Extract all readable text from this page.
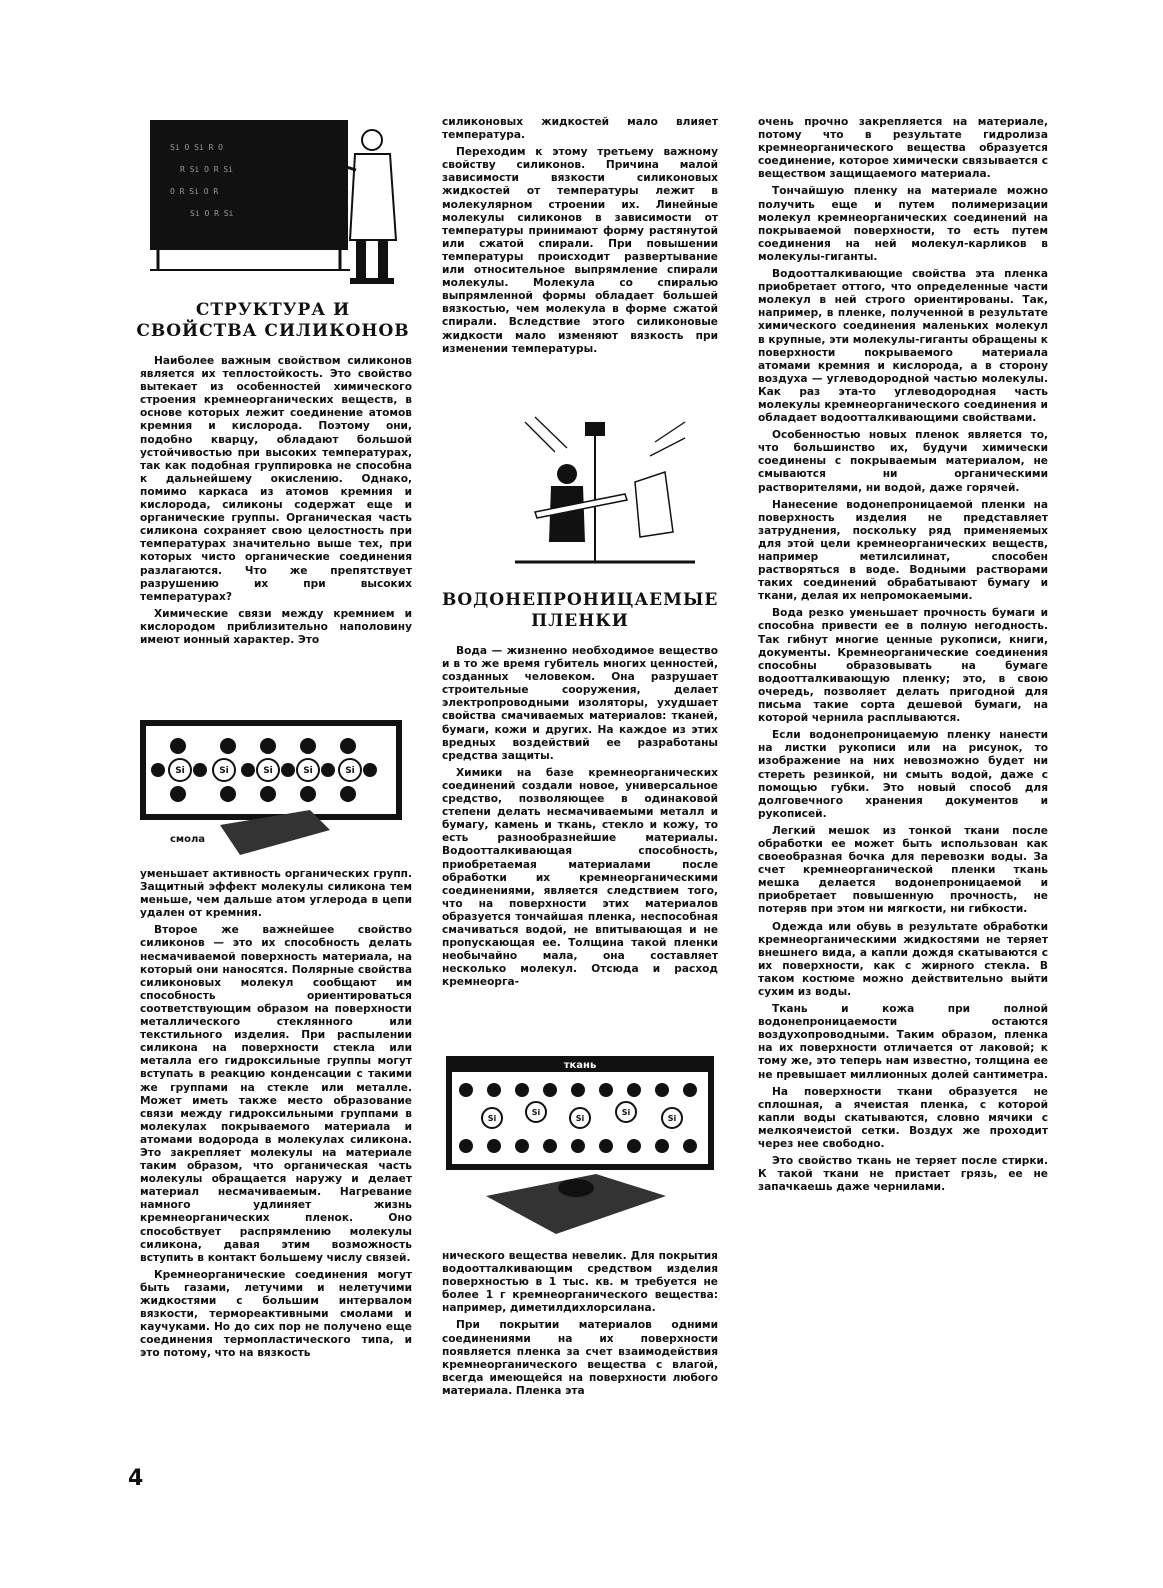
Si O Si R O
R Si O R Si
O R Si O R
Si O R Si
СТРУКТУРА И СВОЙСТВА СИЛИКОНОВ

Наиболее важным свойством силиконов является их теплостойкость. Это свойство вытекает из особенностей химического строения кремнеорганических веществ, в основе которых лежит соединение атомов кремния и кислорода. Поэтому они, подобно кварцу, обладают большой устойчивостью при высоких температурах, так как подобная группировка не способна к дальнейшему окислению. Однако, помимо каркаса из атомов кремния и кислорода, силиконы содержат еще и органические группы. Органическая часть силикона сохраняет свою целостность при температурах значительно выше тех, при которых чисто органические соединения разлагаются. Что же препятствует разрушению их при высоких температурах?

Химические связи между кремнием и кислородом приблизительно наполовину имеют ионный характер. Это

Si	Si	Si	Si	Si
смола

уменьшает активность органических групп. Защитный эффект молекулы силикона тем меньше, чем дальше атом углерода в цепи удален от кремния.

Второе же важнейшее свойство силиконов — это их способность делать несмачиваемой поверхность материала, на который они наносятся. Полярные свойства силиконовых молекул сообщают им способность ориентироваться соответствующим образом на поверхности металлического стеклянного или текстильного изделия. При распылении силикона на поверхности стекла или металла его гидроксильные группы могут вступать в реакцию конденсации с такими же группами на стекле или металле. Может иметь также место образование связи между гидроксильными группами в молекулах покрываемого материала и атомами водорода в молекулах силикона. Это закрепляет молекулы на материале таким образом, что органическая часть молекулы обращается наружу и делает материал несмачиваемым. Нагревание намного удлиняет жизнь кремнеорганических пленок. Оно способствует распрямлению молекулы силикона, давая этим возможность вступить в контакт большему числу связей.

Кремнеорганические соединения могут быть газами, летучими и нелетучими жидкостями с большим интервалом вязкости, термореактивными смолами и каучуками. Но до сих пор не получено еще соединения термопластического типа, и это потому, что на вязкость

силиконовых жидкостей мало влияет температура.

Переходим к этому третьему важному свойству силиконов. Причина малой зависимости вязкости силиконовых жидкостей от температуры лежит в молекулярном строении их. Линейные молекулы силиконов в зависимости от температуры принимают форму растянутой или сжатой спирали. При повышении температуры происходит развертывание или относительное выпрямление спирали молекулы. Молекула со спиралью выпрямленной формы обладает большей вязкостью, чем молекула в форме сжатой спирали. Вследствие этого силиконовые жидкости мало изменяют вязкость при изменении температуры.

ВОДОНЕПРОНИЦАЕМЫЕ ПЛЕНКИ

Вода — жизненно необходимое вещество и в то же время губитель многих ценностей, созданных человеком. Она разрушает строительные сооружения, делает электропроводными изоляторы, ухудшает свойства смачиваемых материалов: тканей, бумаги, кожи и других. На каждое из этих вредных воздействий ее разработаны средства защиты.

Химики на базе кремнеорганических соединений создали новое, универсальное средство, позволяющее в одинаковой степени делать несмачиваемыми металл и бумагу, камень и ткань, стекло и кожу, то есть разнообразнейшие материалы. Водоотталкивающая способность, приобретаемая материалами после обработки их кремнеорганическими соединениями, является следствием того, что на поверхности этих материалов образуется тончайшая пленка, неспособная смачиваться водой, не впитывающая и не пропускающая ее. Толщина такой пленки необычайно мала, она составляет несколько молекул. Отсюда и расход кремнеорга-

ткань
Si
Si
Si
Si
Si

нического вещества невелик. Для покрытия водоотталкивающим средством изделия поверхностью в 1 тыс. кв. м требуется не более 1 г кремнеорганического вещества: например, диметилдихлорсилана.

При покрытии материалов одними соединениями на их поверхности появляется пленка за счет взаимодействия кремнеорганического вещества с влагой, всегда имеющейся на поверхности любого материала. Пленка эта

очень прочно закрепляется на материале, потому что в результате гидролиза кремнеорганического вещества образуется соединение, которое химически связывается с веществом защищаемого материала.

Тончайшую пленку на материале можно получить еще и путем полимеризации молекул кремнеорганических соединений на покрываемой поверхности, то есть путем соединения на ней молекул-карликов в молекулы-гиганты.

Водоотталкивающие свойства эта пленка приобретает оттого, что определенные части молекул в ней строго ориентированы. Так, например, в пленке, полученной в результате химического соединения маленьких молекул в крупные, эти молекулы-гиганты обращены к поверхности покрываемого материала атомами кремния и кислорода, а в сторону воздуха — углеводородной частью молекулы. Как раз эта-то углеводородная часть молекулы кремнеорганического соединения и обладает водоотталкивающими свойствами.

Особенностью новых пленок является то, что большинство их, будучи химически соединены с покрываемым материалом, не смываются ни органическими растворителями, ни водой, даже горячей.

Нанесение водонепроницаемой пленки на поверхность изделия не представляет затруднения, поскольку ряд применяемых для этой цели кремнеорганических веществ, например метилсилинат, способен растворяться в воде. Водными растворами таких соединений обрабатывают бумагу и ткани, делая их непромокаемыми.

Вода резко уменьшает прочность бумаги и способна привести ее в полную негодность. Так гибнут многие ценные рукописи, книги, документы. Кремнеорганические соединения способны образовывать на бумаге водоотталкивающую пленку; это, в свою очередь, позволяет делать пригодной для письма такие сорта дешевой бумаги, на которой чернила расплываются.

Если водонепроницаемую пленку нанести на листки рукописи или на рисунок, то изображение на них невозможно будет ни стереть резинкой, ни смыть водой, даже с помощью губки. Это новый способ для долговечного хранения документов и рукописей.

Легкий мешок из тонкой ткани после обработки ее может быть использован как своеобразная бочка для перевозки воды. За счет кремнеорганической пленки ткань мешка делается водонепроницаемой и приобретает повышенную прочность, не потеряв при этом ни мягкости, ни гибкости.

Одежда или обувь в результате обработки кремнеорганическими жидкостями не теряет внешнего вида, а капли дождя скатываются с их поверхности, как с жирного стекла. В таком костюме можно действительно выйти сухим из воды.

Ткань и кожа при полной водонепроницаемости остаются воздухопроводными. Таким образом, пленка на их поверхности отличается от лаковой; к тому же, это теперь нам известно, толщина ее не превышает миллионных долей сантиметра.

На поверхности ткани образуется не сплошная, а ячеистая пленка, с которой капли воды скатываются, словно мячики с мелкоячеистой сетки. Воздух же проходит через нее свободно.

Это свойство ткань не теряет после стирки. К такой ткани не пристает грязь, ее не запачкаешь даже чернилами.

4
